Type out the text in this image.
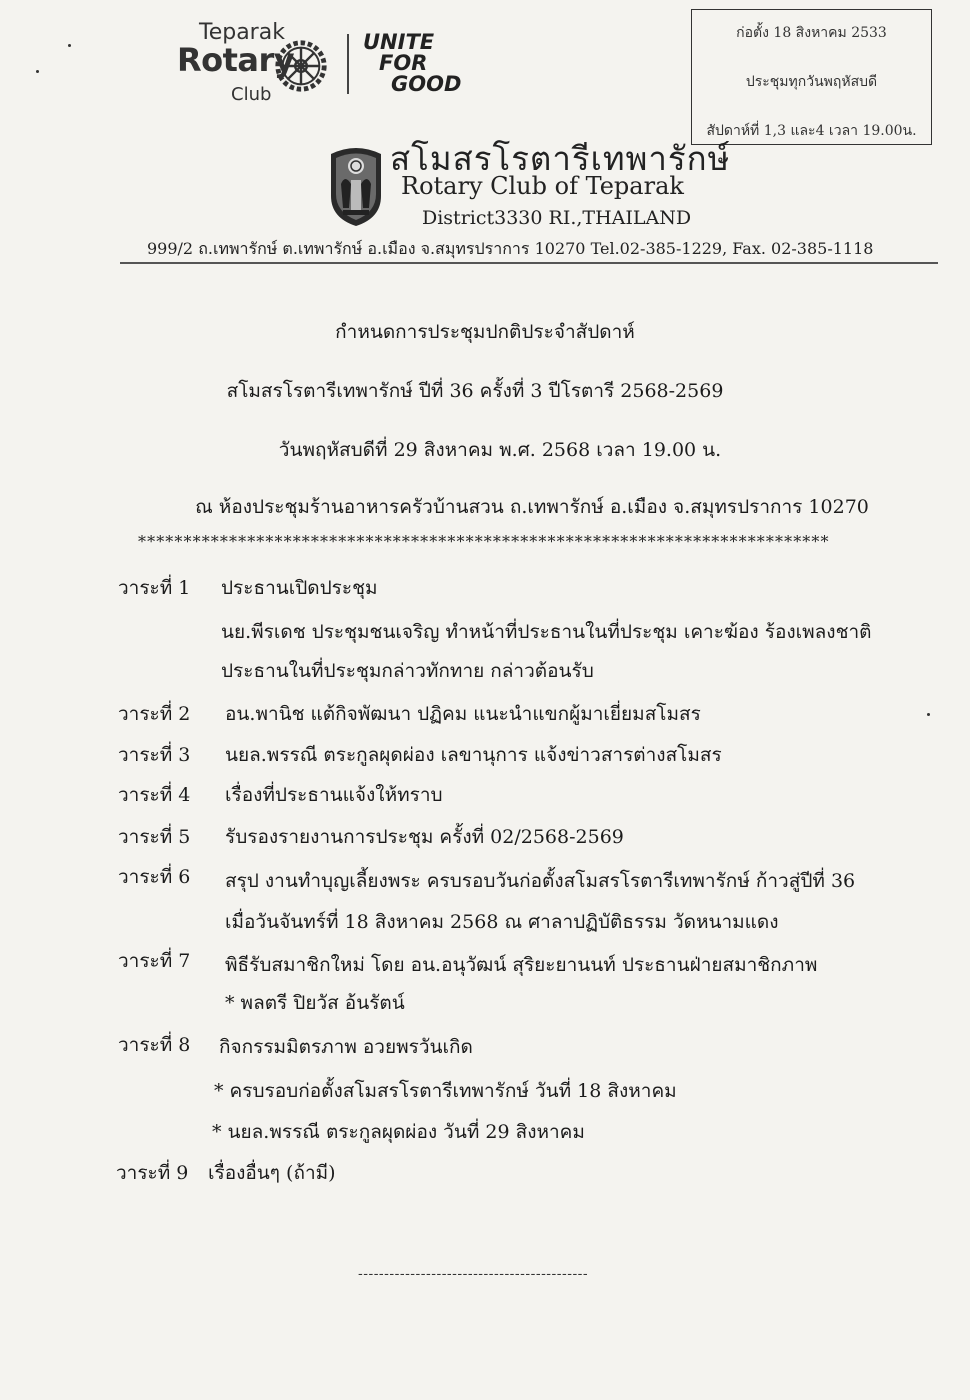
Teparak
Rotary
Club
UNITE
FOR
GOOD
ก่อตั้ง 18 สิงหาคม 2533
ประชุมทุกวันพฤหัสบดี
สัปดาห์ที่ 1,3 และ4 เวลา 19.00น.
สโมสรโรตารีเทพารักษ์
Rotary Club of Teparak
District3330 RI.,THAILAND
999/2 ถ.เทพารักษ์ ต.เทพารักษ์ อ.เมือง จ.สมุทรปราการ 10270 Tel.02-385-1229, Fax. 02-385-1118
กำหนดการประชุมปกติประจำสัปดาห์
สโมสรโรตารีเทพารักษ์ ปีที่ 36 ครั้งที่ 3 ปีโรตารี 2568-2569
วันพฤหัสบดีที่ 29 สิงหาคม พ.ศ. 2568 เวลา 19.00 น.
ณ ห้องประชุมร้านอาหารครัวบ้านสวน ถ.เทพารักษ์ อ.เมือง จ.สมุทรปราการ 10270
****************************************************************************
วาระที่ 1 ประธานเปิดประชุม
นย.พีรเดช ประชุมชนเจริญ ทำหน้าที่ประธานในที่ประชุม เคาะฆ้อง ร้องเพลงชาติ
ประธานในที่ประชุมกล่าวทักทาย กล่าวต้อนรับ
วาระที่ 2 อน.พานิช แต้กิจพัฒนา ปฏิคม แนะนำแขกผู้มาเยี่ยมสโมสร
วาระที่ 3 นยล.พรรณี ตระกูลผุดผ่อง เลขานุการ แจ้งข่าวสารต่างสโมสร
วาระที่ 4 เรื่องที่ประธานแจ้งให้ทราบ
วาระที่ 5 รับรองรายงานการประชุม ครั้งที่ 02/2568-2569
วาระที่ 6 สรุป งานทำบุญเลี้ยงพระ ครบรอบวันก่อตั้งสโมสรโรตารีเทพารักษ์ ก้าวสู่ปีที่ 36
เมื่อวันจันทร์ที่ 18 สิงหาคม 2568 ณ ศาลาปฏิบัติธรรม วัดหนามแดง
วาระที่ 7 พิธีรับสมาชิกใหม่ โดย อน.อนุวัฒน์ สุริยะยานนท์ ประธานฝ่ายสมาชิกภาพ
* พลตรี ปิยวัส อ้นรัตน์
วาระที่ 8 กิจกรรมมิตรภาพ อวยพรวันเกิด
* ครบรอบก่อตั้งสโมสรโรตารีเทพารักษ์ วันที่ 18 สิงหาคม
* นยล.พรรณี ตระกูลผุดผ่อง วันที่ 29 สิงหาคม
วาระที่ 9 เรื่องอื่นๆ (ถ้ามี)
--------------------------------------------
